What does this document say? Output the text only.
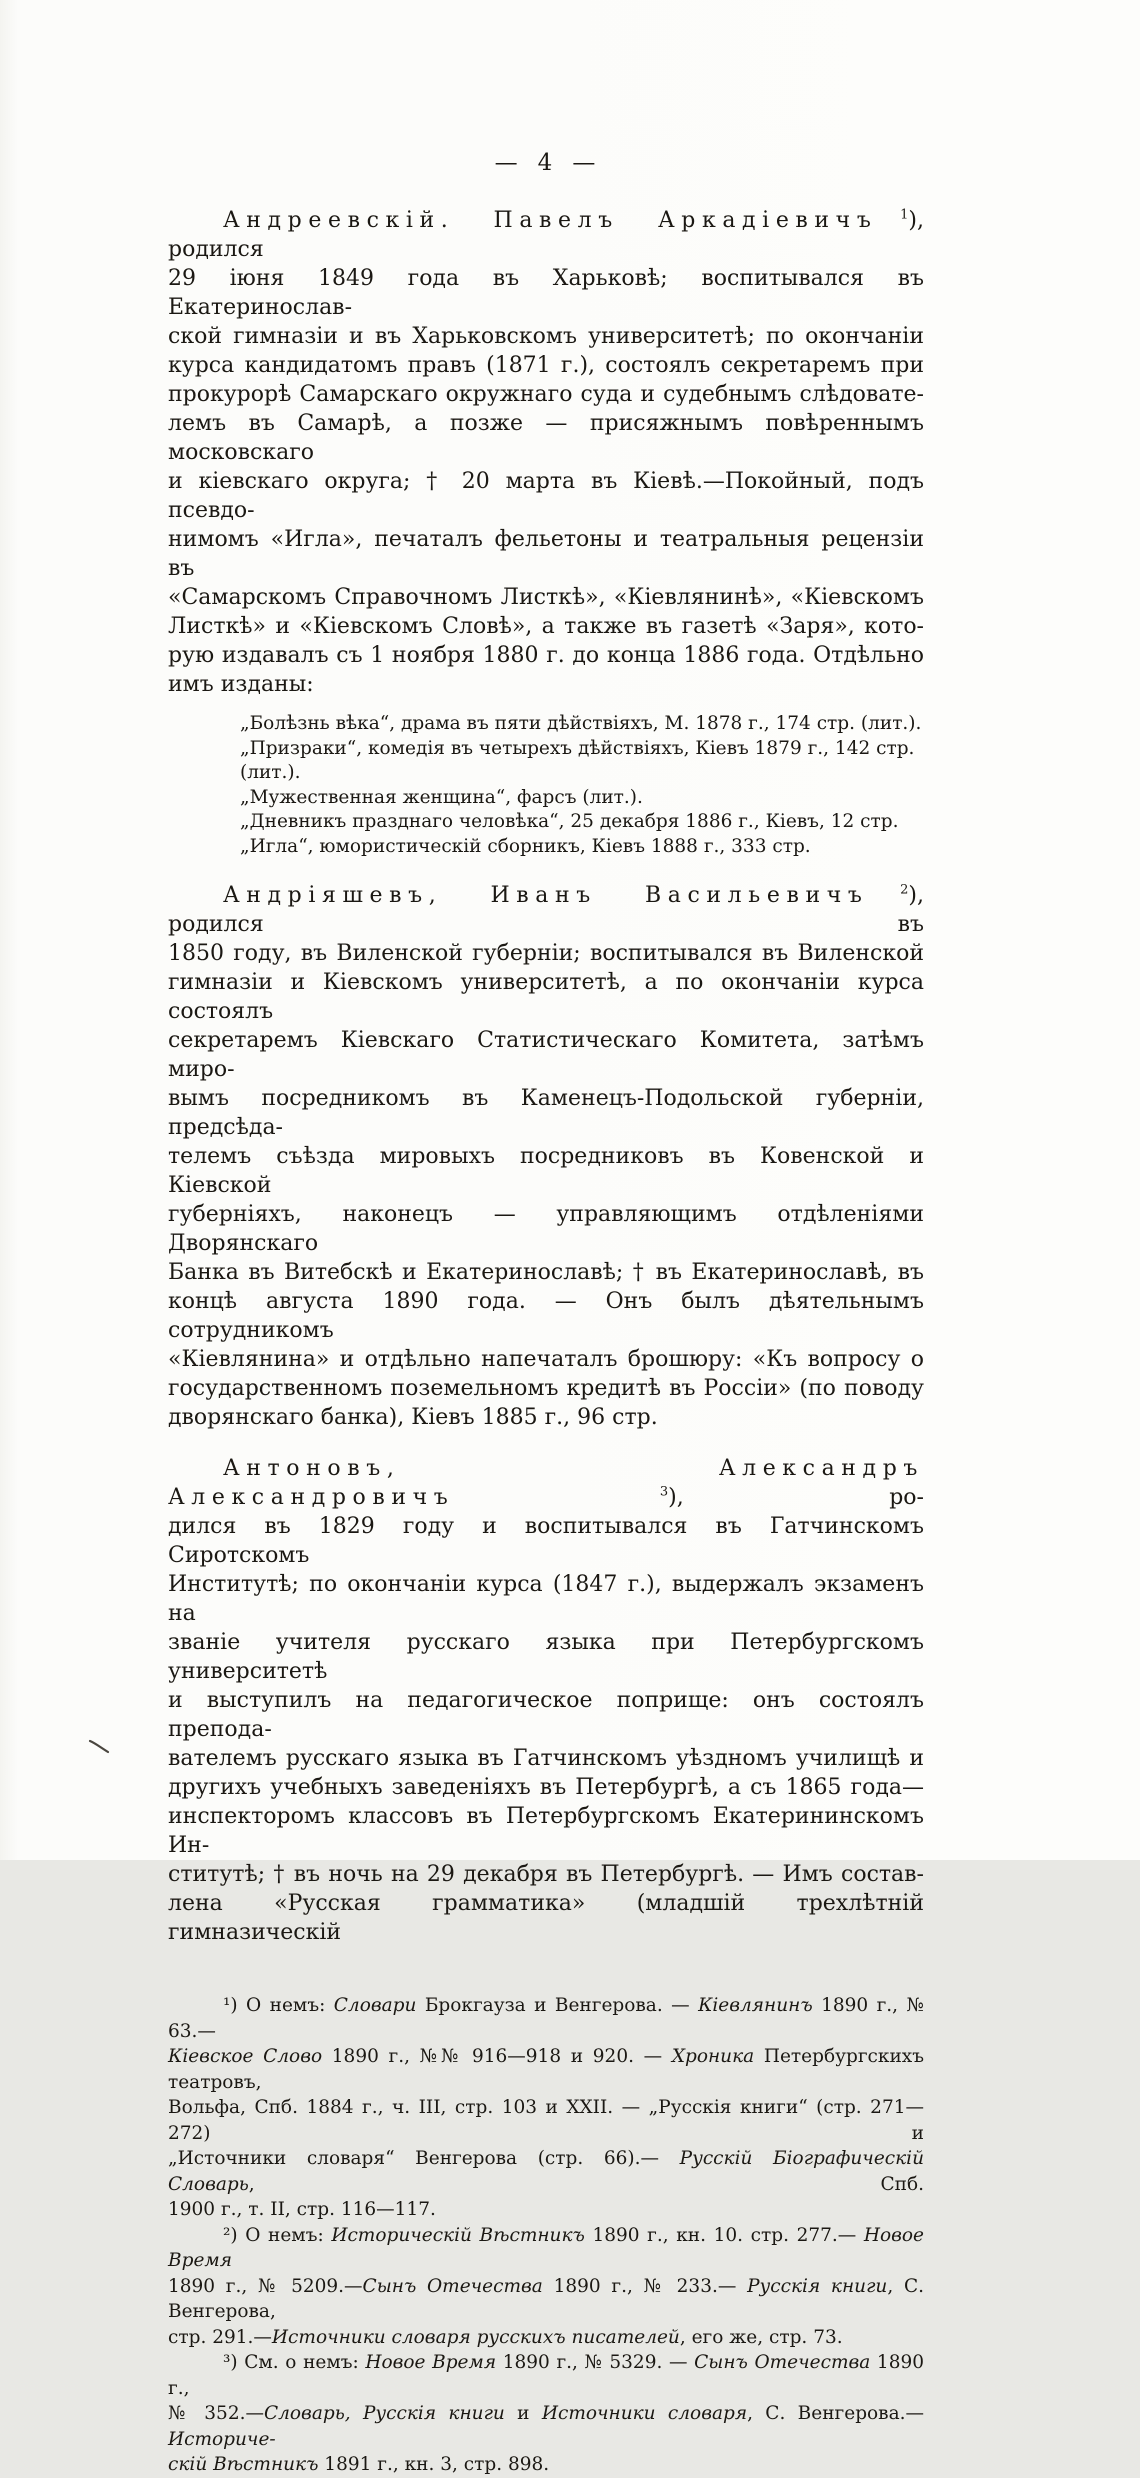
— 4 —
Андреевскій. Павелъ Аркадіевичъ $^1$), родился
29 іюня 1849 года въ Харьковѣ; воспитывался въ Екатеринослав-
ской гимназіи и въ Харьковскомъ университетѣ; по окончаніи
курса кандидатомъ правъ (1871 г.), состоялъ секретаремъ при
прокурорѣ Самарскаго окружнаго суда и судебнымъ слѣдовате-
лемъ въ Самарѣ, а позже — присяжнымъ повѣреннымъ московскаго
и кіевскаго округа; † 20 марта въ Кіевѣ.—Покойный, подъ псевдо-
нимомъ «Игла», печаталъ фельетоны и театральныя рецензіи въ
«Самарскомъ Справочномъ Листкѣ», «Кіевлянинѣ», «Кіевскомъ
Листкѣ» и «Кіевскомъ Словѣ», а также въ газетѣ «Заря», кото-
рую издавалъ съ 1 ноября 1880 г. до конца 1886 года. Отдѣльно
имъ изданы:
„Болѣзнь вѣка“, драма въ пяти дѣйствіяхъ, М. 1878 г., 174 стр. (лит.).
„Призраки“, комедія въ четырехъ дѣйствіяхъ, Кіевъ 1879 г., 142 стр. (лит.).
„Мужественная женщина“, фарсъ (лит.).
„Дневникъ празднаго человѣка“, 25 декабря 1886 г., Кіевъ, 12 стр.
„Игла“, юмористическій сборникъ, Кіевъ 1888 г., 333 стр.
Андріяшевъ, Иванъ Васильевичъ $^2$), родился въ
1850 году, въ Виленской губерніи; воспитывался въ Виленской
гимназіи и Кіевскомъ университетѣ, а по окончаніи курса состоялъ
секретаремъ Кіевскаго Статистическаго Комитета, затѣмъ миро-
вымъ посредникомъ въ Каменецъ-Подольской губерніи, предсѣда-
телемъ съѣзда мировыхъ посредниковъ въ Ковенской и Кіевской
губерніяхъ, наконецъ — управляющимъ отдѣленіями Дворянскаго
Банка въ Витебскѣ и Екатеринославѣ; † въ Екатеринославѣ, въ
концѣ августа 1890 года. — Онъ былъ дѣятельнымъ сотрудникомъ
«Кіевлянина» и отдѣльно напечаталъ брошюру: «Къ вопросу о
государственномъ поземельномъ кредитѣ въ Россіи» (по поводу
дворянскаго банка), Кіевъ 1885 г., 96 стр.
Антоновъ, Александръ Александровичъ	$^3$), ро-
дился въ 1829 году и воспитывался въ Гатчинскомъ Сиротскомъ
Институтѣ; по окончаніи курса (1847 г.), выдержалъ экзаменъ на
званіе учителя русскаго языка при Петербургскомъ университетѣ
и выступилъ на педагогическое поприще: онъ состоялъ препода-
вателемъ русскаго языка въ Гатчинскомъ уѣздномъ училищѣ и
другихъ учебныхъ заведеніяхъ въ Петербургѣ, а съ 1865 года—
инспекторомъ классовъ въ Петербургскомъ Екатерининскомъ Ин-
ститутѣ; † въ ночь на 29 декабря въ Петербургѣ. — Имъ состав-
лена «Русская грамматика» (младшій трехлѣтній гимназическій
¹) О немъ: Словари Брокгауза и Венгерова. — Кіевлянинъ 1890 г., № 63.—
Кіевское Слово 1890 г., №№ 916—918 и 920. — Хроника Петербургскихъ театровъ,
Вольфа, Спб. 1884 г., ч. III, стр. 103 и XXII. — „Русскія книги“ (стр. 271—272) и
„Источники словаря“ Венгерова (стр. 66).— Русскій Біографическій Словарь, Спб.
1900 г., т. II, стр. 116—117.
²) О немъ: Историческій Вѣстникъ 1890 г., кн. 10. стр. 277.— Новое Время
1890 г., № 5209.—Сынъ Отечества 1890 г., № 233.— Русскія книги, С. Венгерова,
стр. 291.—Источники словаря русскихъ писателей, его же, стр. 73.
³) См. о немъ: Новое Время 1890 г., № 5329. — Сынъ Отечества 1890 г.,
№ 352.—Словарь, Русскія книги и Источники словаря, С. Венгерова.— Историче-
скій Вѣстникъ 1891 г., кн. 3, стр. 898.
